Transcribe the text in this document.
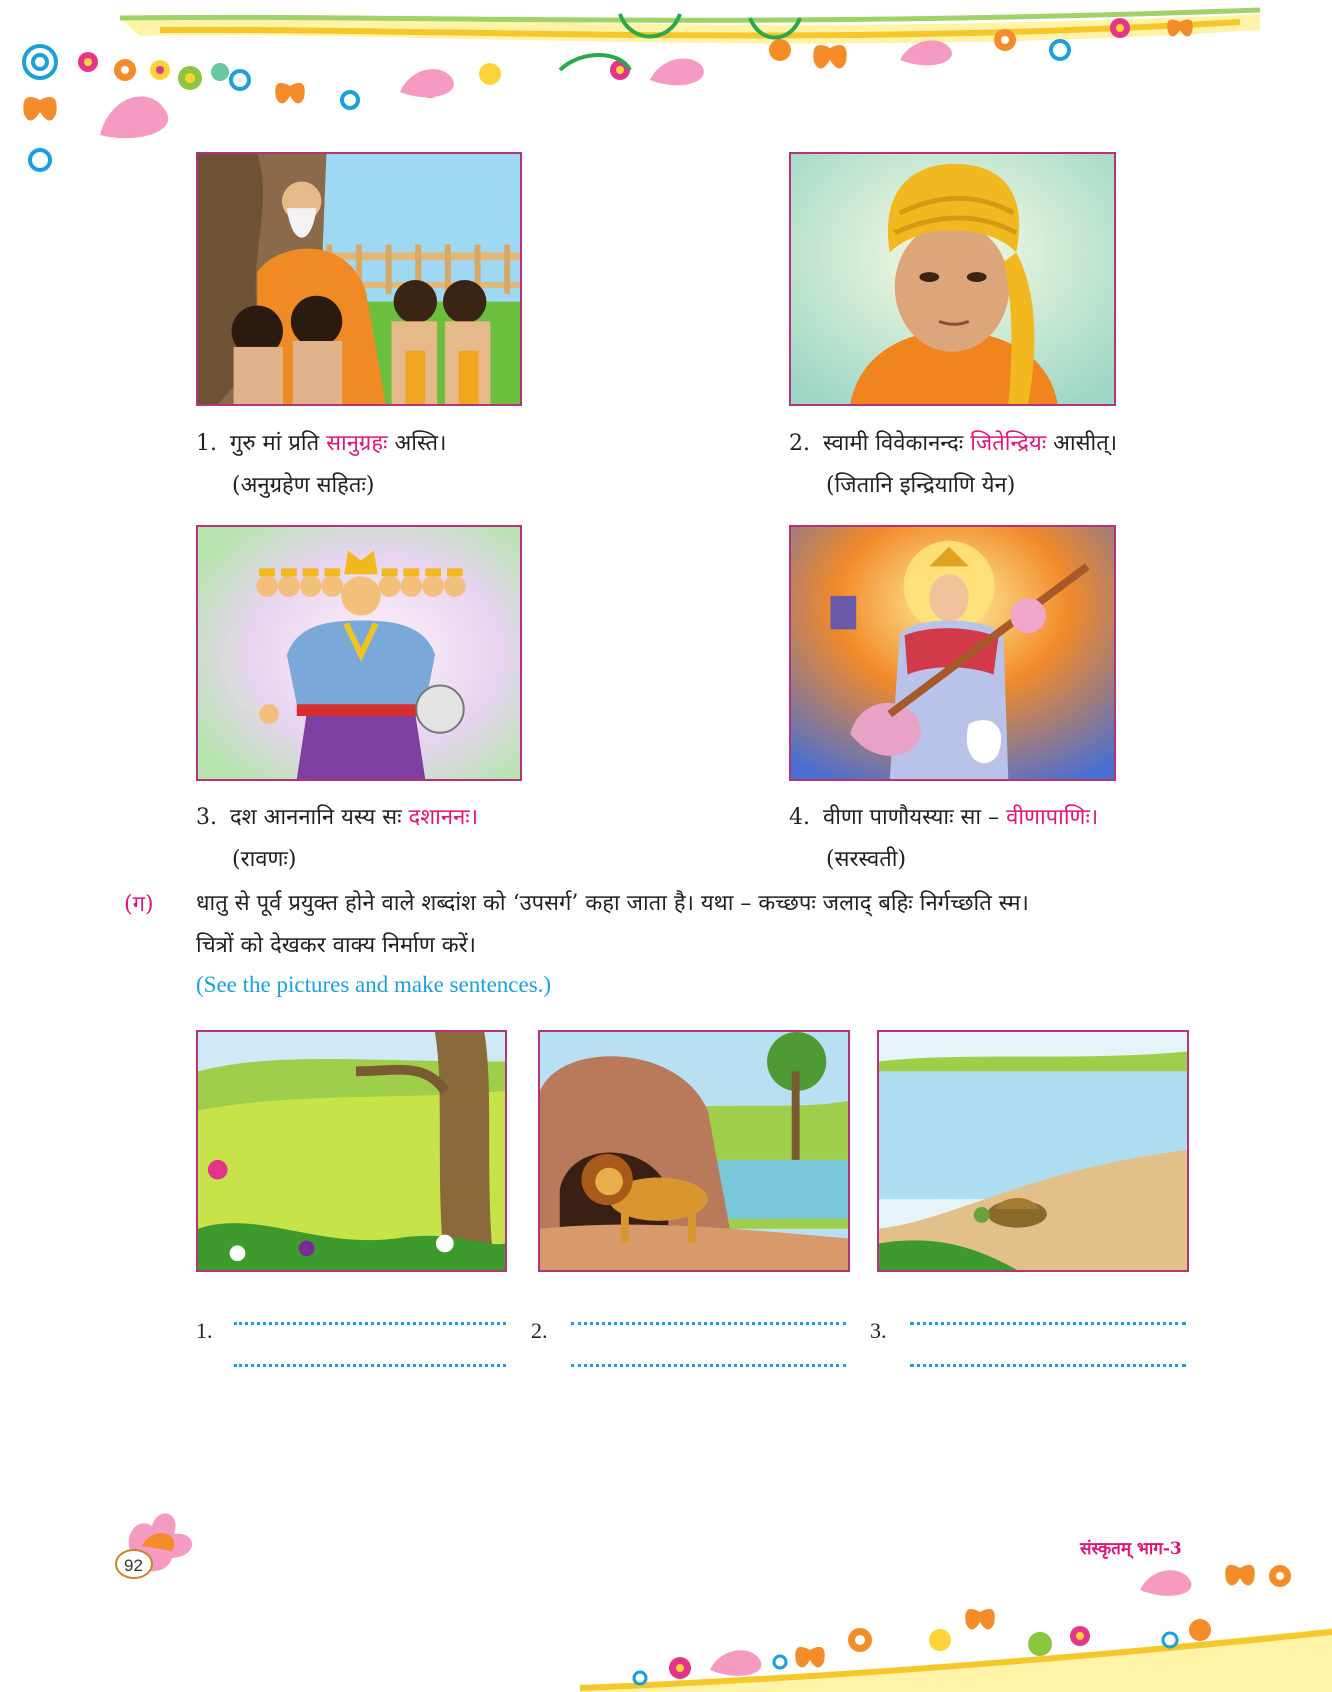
1. गुरु मां प्रति सानुग्रहः अस्ति।
(अनुग्रहेण सहितः)
2. स्वामी विवेकानन्दः जितेन्द्रियः आसीत्।
(जितानि इन्द्रियाणि येन)
3. दश आननानि यस्य सः दशाननः।
(रावणः)
4. वीणा पाणौयस्याः सा – वीणापाणिः।
(सरस्वती)
(ग) धातु से पूर्व प्रयुक्त होने वाले शब्दांश को ‘उपसर्ग’ कहा जाता है। यथा – कच्छपः जलाद् बहिः निर्गच्छति स्म।
चित्रों को देखकर वाक्य निर्माण करें।
(See the pictures and make sentences.)
1.	2.	3.
92
संस्कृतम् भाग-3
